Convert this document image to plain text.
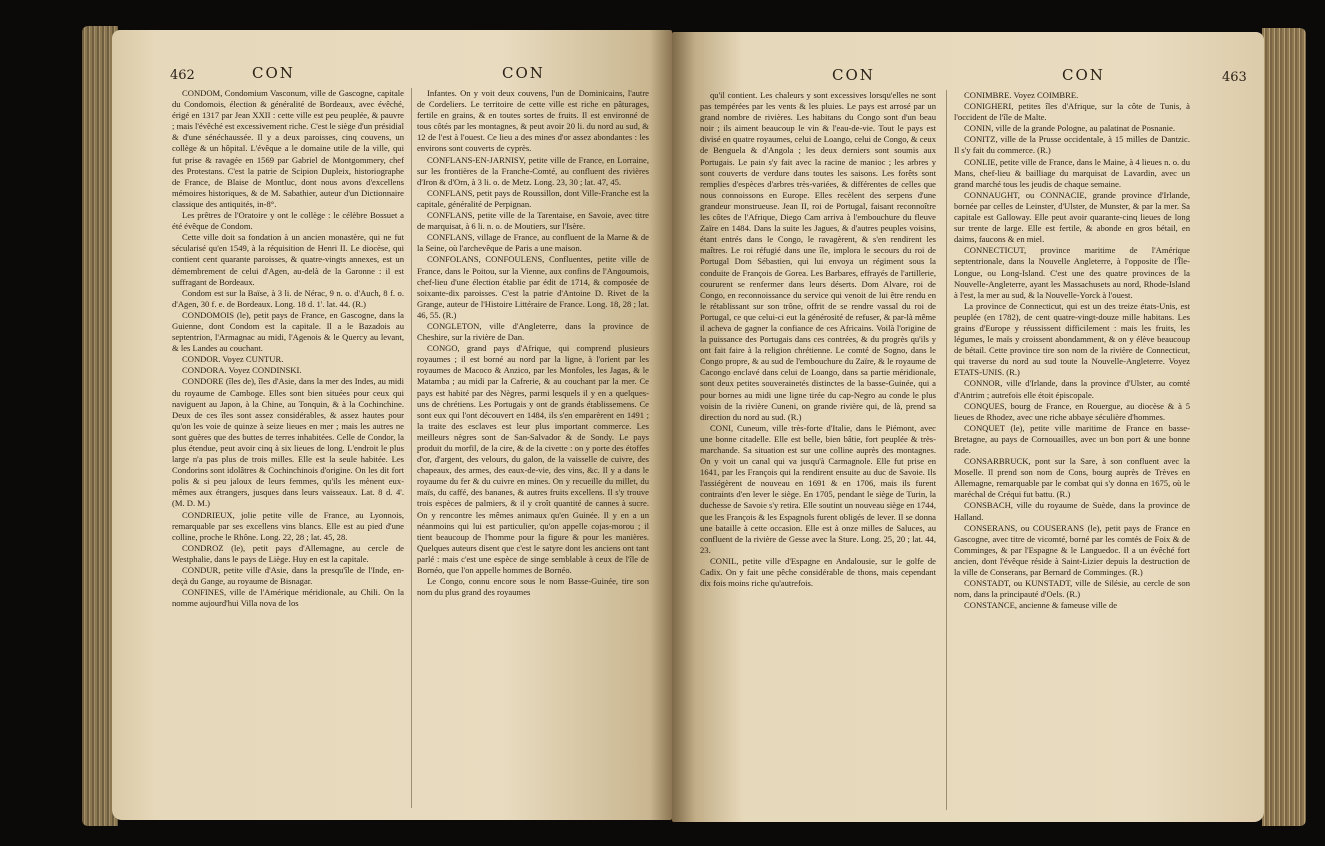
462	CON	CON

CONDOM, Condomium Vasconum, ville de Gascogne, capitale du Condomois, élection & généralité de Bordeaux, avec évêché, érigé en 1317 par Jean XXII : cette ville est peu peuplée, & pauvre ; mais l'évêché est excessivement riche. C'est le siège d'un présidial & d'une sénéchaussée. Il y a deux paroisses, cinq couvens, un collège & un hôpital. L'évêque a le domaine utile de la ville, qui fut prise & ravagée en 1569 par Gabriel de Montgommery, chef des Protestans. C'est la patrie de Scipion Dupleix, historiographe de France, de Blaise de Montluc, dont nous avons d'excellens mémoires historiques, & de M. Sabathier, auteur d'un Dictionnaire classique des antiquités, in-8°.

Les prêtres de l'Oratoire y ont le collège : le célèbre Bossuet a été évêque de Condom.

Cette ville doit sa fondation à un ancien monastère, qui ne fut sécularisé qu'en 1549, à la réquisition de Henri II. Le diocèse, qui contient cent quarante paroisses, & quatre-vingts annexes, est un démembrement de celui d'Agen, au-delà de la Garonne : il est suffragant de Bordeaux.

Condom est sur la Baïse, à 3 li. de Nérac, 9 n. o. d'Auch, 8 f. o. d'Agen, 30 f. e. de Bordeaux. Long. 18 d. 1'. lat. 44. (R.)

CONDOMOIS (le), petit pays de France, en Gascogne, dans la Guienne, dont Condom est la capitale. Il a le Bazadois au septentrion, l'Armagnac au midi, l'Agenois & le Quercy au levant, & les Landes au couchant.

CONDOR. Voyez CUNTUR.

CONDORA. Voyez CONDINSKI.

CONDORE (îles de), îles d'Asie, dans la mer des Indes, au midi du royaume de Camboge. Elles sont bien situées pour ceux qui naviguent au Japon, à la Chine, au Tonquin, & à la Cochinchine. Deux de ces îles sont assez considérables, & assez hautes pour qu'on les voie de quinze à seize lieues en mer ; mais les autres ne sont guères que des buttes de terres inhabitées. Celle de Condor, la plus étendue, peut avoir cinq à six lieues de long. L'endroit le plus large n'a pas plus de trois milles. Elle est la seule habitée. Les Condorins sont idolâtres & Cochinchinois d'origine. On les dit fort polis & si peu jaloux de leurs femmes, qu'ils les mènent eux-mêmes aux étrangers, jusques dans leurs vaisseaux. Lat. 8 d. 4'. (M. D. M.)

CONDRIEUX, jolie petite ville de France, au Lyonnois, remarquable par ses excellens vins blancs. Elle est au pied d'une colline, proche le Rhône. Long. 22, 28 ; lat. 45, 28.

CONDROZ (le), petit pays d'Allemagne, au cercle de Westphalie, dans le pays de Liège. Huy en est la capitale.

CONDUR, petite ville d'Asie, dans la presqu'île de l'Inde, en-deçà du Gange, au royaume de Bisnagar.

CONFINES, ville de l'Amérique méridionale, au Chili. On la nomme aujourd'hui Villa nova de los

Infantes. On y voit deux couvens, l'un de Dominicains, l'autre de Cordeliers. Le territoire de cette ville est riche en pâturages, fertile en grains, & en toutes sortes de fruits. Il est environné de tous côtés par les montagnes, & peut avoir 20 li. du nord au sud, & 12 de l'est à l'ouest. Ce lieu a des mines d'or assez abondantes : les environs sont couverts de cyprès.

CONFLANS-EN-JARNISY, petite ville de France, en Lorraine, sur les frontières de la Franche-Comté, au confluent des rivières d'Iron & d'Orn, à 3 li. o. de Metz. Long. 23, 30 ; lat. 47, 45.

CONFLANS, petit pays de Roussillon, dont Ville-Franche est la capitale, généralité de Perpignan.

CONFLANS, petite ville de la Tarentaise, en Savoie, avec titre de marquisat, à 6 li. n. o. de Moutiers, sur l'Isère.

CONFLANS, village de France, au confluent de la Marne & de la Seine, où l'archevêque de Paris a une maison.

CONFOLANS, CONFOULENS, Confluentes, petite ville de France, dans le Poitou, sur la Vienne, aux confins de l'Angoumois, chef-lieu d'une élection établie par édit de 1714, & composée de soixante-dix paroisses. C'est la patrie d'Antoine D. Rivet de la Grange, auteur de l'Histoire Littéraire de France. Long. 18, 28 ; lat. 46, 55. (R.)

CONGLETON, ville d'Angleterre, dans la province de Cheshire, sur la rivière de Dan.

CONGO, grand pays d'Afrique, qui comprend plusieurs royaumes ; il est borné au nord par la ligne, à l'orient par les royaumes de Macoco & Anzico, par les Monfoles, les Jagas, & le Matamba ; au midi par la Cafrerie, & au couchant par la mer. Ce pays est habité par des Nègres, parmi lesquels il y en a quelques-uns de chrétiens. Les Portugais y ont de grands établissemens. Ce sont eux qui l'ont découvert en 1484, ils s'en emparèrent en 1491 ; la traite des esclaves est leur plus important commerce. Les meilleurs nègres sont de San-Salvador & de Sondy. Le pays produit du morfil, de la cire, & de la civette : on y porte des étoffes d'or, d'argent, des velours, du galon, de la vaisselle de cuivre, des chapeaux, des armes, des eaux-de-vie, des vins, &c. Il y a dans le royaume du fer & du cuivre en mines. On y recueille du millet, du maïs, du caffé, des bananes, & autres fruits excellens. Il s'y trouve trois espèces de palmiers, & il y croît quantité de cannes à sucre. On y rencontre les mêmes animaux qu'en Guinée. Il y en a un néanmoins qui lui est particulier, qu'on appelle cojas-morou ; il tient beaucoup de l'homme pour la figure & pour les manières. Quelques auteurs disent que c'est le satyre dont les anciens ont tant parlé : mais c'est une espèce de singe semblable à ceux de l'île de Bornéo, que l'on appelle hommes de Bornéo.

Le Congo, connu encore sous le nom Basse-Guinée, tire son nom du plus grand des royaumes

CON	CON	463

qu'il contient. Les chaleurs y sont excessives lorsqu'elles ne sont pas tempérées par les vents & les pluies. Le pays est arrosé par un grand nombre de rivières. Les habitans du Congo sont d'un beau noir ; ils aiment beaucoup le vin & l'eau-de-vie. Tout le pays est divisé en quatre royaumes, celui de Loango, celui de Congo, & ceux de Benguela & d'Angola ; les deux derniers sont soumis aux Portugais. Le pain s'y fait avec la racine de manioc ; les arbres y sont couverts de verdure dans toutes les saisons. Les forêts sont remplies d'espèces d'arbres très-variées, & différentes de celles que nous connoissons en Europe. Elles recèlent des serpens d'une grandeur monstrueuse. Jean II, roi de Portugal, faisant reconnoître les côtes de l'Afrique, Diego Cam arriva à l'embouchure du fleuve Zaïre en 1484. Dans la suite les Jagues, & d'autres peuples voisins, étant entrés dans le Congo, le ravagèrent, & s'en rendirent les maîtres. Le roi réfugié dans une île, implora le secours du roi de Portugal Dom Sébastien, qui lui envoya un régiment sous la conduite de François de Gorea. Les Barbares, effrayés de l'artillerie, coururent se renfermer dans leurs déserts. Dom Alvare, roi de Congo, en reconnoissance du service qui venoit de lui être rendu en le rétablissant sur son trône, offrit de se rendre vassal du roi de Portugal, ce que celui-ci eut la générosité de refuser, & par-là même il acheva de gagner la confiance de ces Africains. Voilà l'origine de la puissance des Portugais dans ces contrées, & du progrès qu'ils y ont fait faire à la religion chrétienne. Le comté de Sogno, dans le Congo propre, & au sud de l'embouchure du Zaïre, & le royaume de Cacongo enclavé dans celui de Loango, dans sa partie méridionale, sont deux petites souverainetés distinctes de la basse-Guinée, qui a pour bornes au midi une ligne tirée du cap-Negro au conde le plus voisin de la rivière Cuneni, on grande rivière qui, de là, prend sa direction du nord au sud. (R.)

CONI, Cuneum, ville très-forte d'Italie, dans le Piémont, avec une bonne citadelle. Elle est belle, bien bâtie, fort peuplée & très-marchande. Sa situation est sur une colline auprès des montagnes. On y voit un canal qui va jusqu'à Carmagnole. Elle fut prise en 1641, par les François qui la rendirent ensuite au duc de Savoie. Ils l'assiégèrent de nouveau en 1691 & en 1706, mais ils furent contraints d'en lever le siège. En 1705, pendant le siège de Turin, la duchesse de Savoie s'y retira. Elle soutint un nouveau siège en 1744, que les François & les Espagnols furent obligés de lever. Il se donna une bataille à cette occasion. Elle est à onze milles de Saluces, au confluent de la rivière de Gesse avec la Sture. Long. 25, 20 ; lat. 44, 23.

CONIL, petite ville d'Espagne en Andalousie, sur le golfe de Cadix. On y fait une pêche considérable de thons, mais cependant dix fois moins riche qu'autrefois.

CONIMBRE. Voyez COIMBRE.

CONIGHERI, petites îles d'Afrique, sur la côte de Tunis, à l'occident de l'île de Malte.

CONIN, ville de la grande Pologne, au palatinat de Posnanie.

CONITZ, ville de la Prusse occidentale, à 15 milles de Dantzic. Il s'y fait du commerce. (R.)

CONLIE, petite ville de France, dans le Maine, à 4 lieues n. o. du Mans, chef-lieu & bailliage du marquisat de Lavardin, avec un grand marché tous les jeudis de chaque semaine.

CONNAUGHT, ou CONNACIE, grande province d'Irlande, bornée par celles de Leinster, d'Ulster, de Munster, & par la mer. Sa capitale est Galloway. Elle peut avoir quarante-cinq lieues de long sur trente de large. Elle est fertile, & abonde en gros bétail, en daims, faucons & en miel.

CONNECTICUT, province maritime de l'Amérique septentrionale, dans la Nouvelle Angleterre, à l'opposite de l'Île-Longue, ou Long-Island. C'est une des quatre provinces de la Nouvelle-Angleterre, ayant les Massachusets au nord, Rhode-Island à l'est, la mer au sud, & la Nouvelle-Yorck à l'ouest.

La province de Connecticut, qui est un des treize états-Unis, est peuplée (en 1782), de cent quatre-vingt-douze mille habitans. Les grains d'Europe y réussissent difficilement : mais les fruits, les légumes, le maïs y croissent abondamment, & on y élève beaucoup de bétail. Cette province tire son nom de la rivière de Connecticut, qui traverse du nord au sud toute la Nouvelle-Angleterre. Voyez ETATS-UNIS. (R.)

CONNOR, ville d'Irlande, dans la province d'Ulster, au comté d'Antrim ; autrefois elle étoit épiscopale.

CONQUES, bourg de France, en Rouergue, au diocèse & à 5 lieues de Rhodez, avec une riche abbaye séculière d'hommes.

CONQUET (le), petite ville maritime de France en basse-Bretagne, au pays de Cornouailles, avec un bon port & une bonne rade.

CONSARBRUCK, pont sur la Sare, à son confluent avec la Moselle. Il prend son nom de Cons, bourg auprès de Trèves en Allemagne, remarquable par le combat qui s'y donna en 1675, où le maréchal de Créqui fut battu. (R.)

CONSBACH, ville du royaume de Suède, dans la province de Halland.

CONSERANS, ou COUSERANS (le), petit pays de France en Gascogne, avec titre de vicomté, borné par les comtés de Foix & de Comminges, & par l'Espagne & le Languedoc. Il a un évêché fort ancien, dont l'évêque réside à Saint-Lizier depuis la destruction de la ville de Conserans, par Bernard de Comminges. (R.)

CONSTADT, ou KUNSTADT, ville de Silésie, au cercle de son nom, dans la principauté d'Oels. (R.)

CONSTANCE, ancienne & fameuse ville de
